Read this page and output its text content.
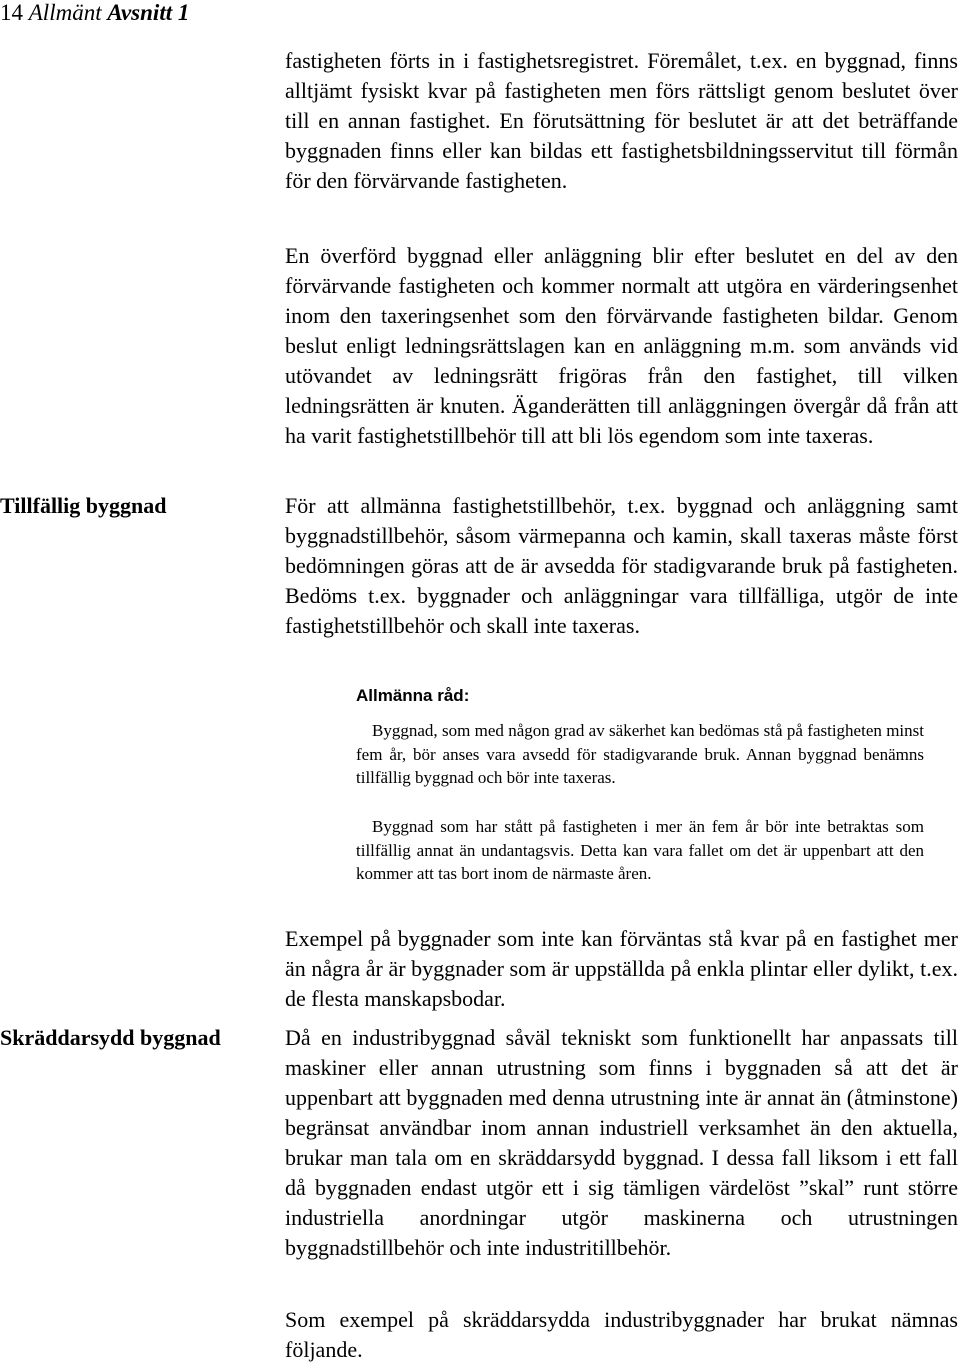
14 Allmänt Avsnitt 1

fastigheten förts in i fastighetsregistret. Föremålet, t.ex. en byggnad, finns alltjämt fysiskt kvar på fastigheten men förs rättsligt genom beslutet över till en annan fastighet. En förutsättning för beslutet är att det beträffande byggnaden finns eller kan bildas ett fastighetsbildningsservitut till förmån för den förvärvande fastigheten.

En överförd byggnad eller anläggning blir efter beslutet en del av den förvärvande fastigheten och kommer normalt att utgöra en värderingsenhet inom den taxeringsenhet som den förvärvande fastigheten bildar. Genom beslut enligt ledningsrättslagen kan en anläggning m.m. som används vid utövandet av ledningsrätt frigöras från den fastighet, till vilken ledningsrätten är knuten. Äganderätten till anläggningen övergår då från att ha varit fastighetstillbehör till att bli lös egendom som inte taxeras.

Tillfällig byggnad	För att allmänna fastighetstillbehör, t.ex. byggnad och anläggning samt byggnadstillbehör, såsom värmepanna och kamin, skall taxeras måste först bedömningen göras att de är avsedda för stadigvarande bruk på fastigheten. Bedöms t.ex. byggnader och anläggningar vara tillfälliga, utgör de inte fastighetstillbehör och skall inte taxeras.

Allmänna råd:

Byggnad, som med någon grad av säkerhet kan bedömas stå på fastigheten minst fem år, bör anses vara avsedd för stadigvarande bruk. Annan byggnad benämns tillfällig byggnad och bör inte taxeras.

Byggnad som har stått på fastigheten i mer än fem år bör inte betraktas som tillfällig annat än undantagsvis. Detta kan vara fallet om det är uppenbart att den kommer att tas bort inom de närmaste åren.

Exempel på byggnader som inte kan förväntas stå kvar på en fastighet mer än några år är byggnader som är uppställda på enkla plintar eller dylikt, t.ex. de flesta manskapsbodar.

Skräddarsydd byggnad	Då en industribyggnad såväl tekniskt som funktionellt har anpassats till maskiner eller annan utrustning som finns i byggnaden så att det är uppenbart att byggnaden med denna utrustning inte är annat än (åtminstone) begränsat användbar inom annan industriell verksamhet än den aktuella, brukar man tala om en skräddarsydd byggnad. I dessa fall liksom i ett fall då byggnaden endast utgör ett i sig tämligen värdelöst ”skal” runt större industriella anordningar utgör maskinerna och utrustningen byggnadstillbehör och inte industritillbehör.

Som exempel på skräddarsydda industribyggnader har brukat nämnas följande.
